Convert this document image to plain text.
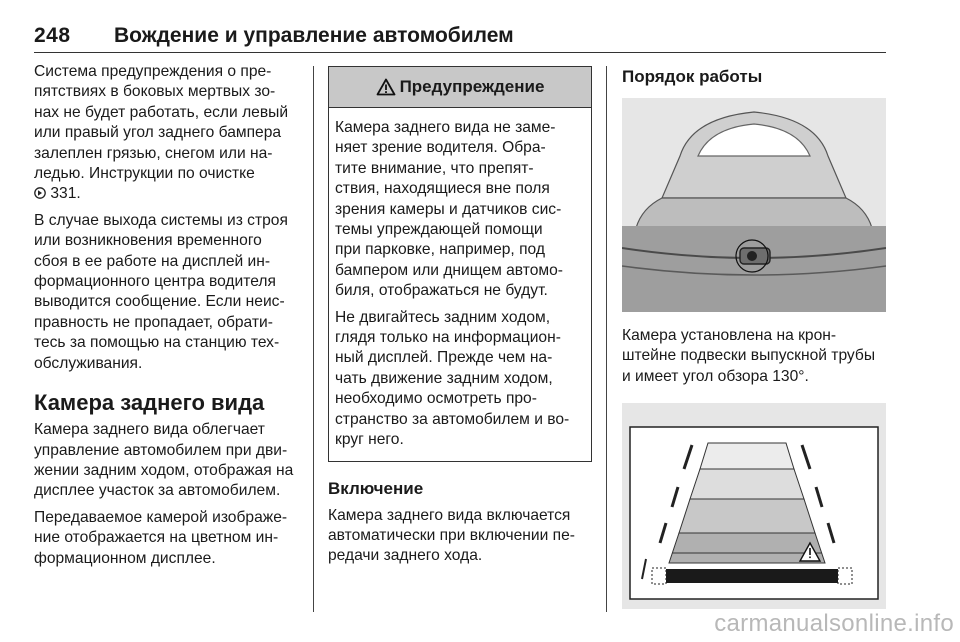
248 Вождение и управление автомобилем

Система предупреждения о пре-
пятствиях в боковых мертвых зо-
нах не будет работать, если левый
или правый угол заднего бампера
залеплен грязью, снегом или на-
ледью. Инструкции по очистке
331.

В случае выхода системы из строя
или возникновения временного
сбоя в ее работе на дисплей ин-
формационного центра водителя
выводится сообщение. Если неис-
правность не пропадает, обрати-
тесь за помощью на станцию тех-
обслуживания.

Камера заднего вида

Камера заднего вида облегчает
управление автомобилем при дви-
жении задним ходом, отображая на
дисплее участок за автомобилем.

Передаваемое камерой изображе-
ние отображается на цветном ин-
формационном дисплее.

Предупреждение

Камера заднего вида не заме-
няет зрение водителя. Обра-
тите внимание, что препят-
ствия, находящиеся вне поля
зрения камеры и датчиков сис-
темы упреждающей помощи
при парковке, например, под
бампером или днищем автомо-
биля, отображаться не будут.

Не двигайтесь задним ходом,
глядя только на информацион-
ный дисплей. Прежде чем на-
чать движение задним ходом,
необходимо осмотреть про-
странство за автомобилем и во-
круг него.

Включение

Камера заднего вида включается
автоматически при включении пе-
редачи заднего хода.

Порядок работы

Камера установлена на крон-
штейне подвески выпускной трубы
и имеет угол обзора 130°.

carmanualsonline.info
